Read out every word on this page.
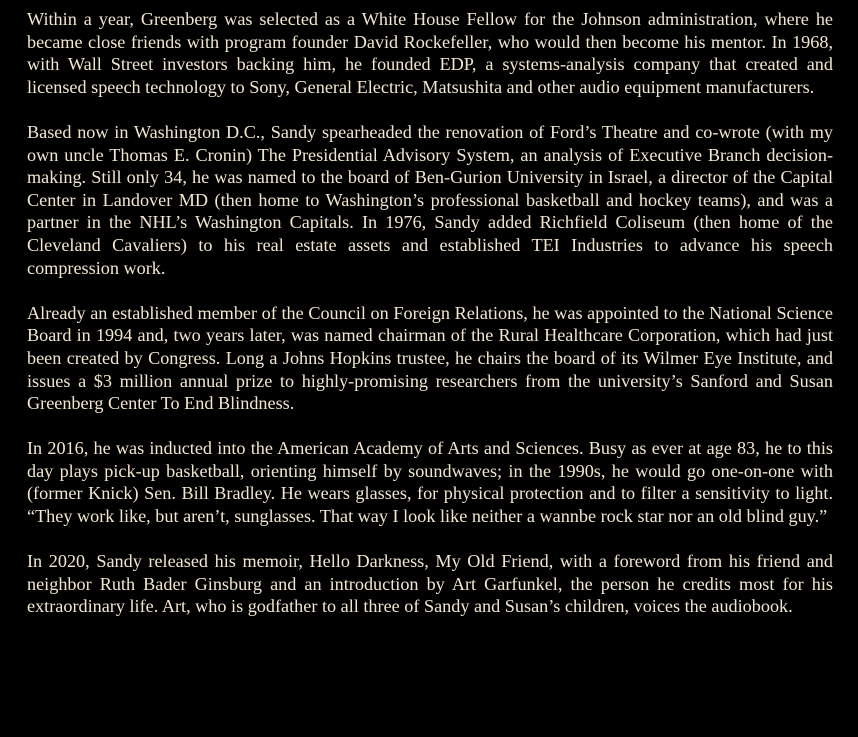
Within a year, Greenberg was selected as a White House Fellow for the Johnson administration, where he became close friends with program founder David Rockefeller, who would then become his mentor. In 1968, with Wall Street investors backing him, he founded EDP, a systems-analysis company that created and licensed speech technology to Sony, General Electric, Matsushita and other audio equipment manufacturers.

Based now in Washington D.C., Sandy spearheaded the renovation of Ford’s Theatre and co-wrote (with my own uncle Thomas E. Cronin) The Presidential Advisory System, an analysis of Executive Branch decision-making. Still only 34, he was named to the board of Ben-Gurion University in Israel, a director of the Capital Center in Landover MD (then home to Washington’s professional basketball and hockey teams), and was a partner in the NHL’s Washington Capitals. In 1976, Sandy added Richfield Coliseum (then home of the Cleveland Cavaliers) to his real estate assets and established TEI Industries to advance his speech compression work.

Already an established member of the Council on Foreign Relations, he was appointed to the National Science Board in 1994 and, two years later, was named chairman of the Rural Healthcare Corporation, which had just been created by Congress. Long a Johns Hopkins trustee, he chairs the board of its Wilmer Eye Institute, and issues a $3 million annual prize to highly-promising researchers from the university’s Sanford and Susan Greenberg Center To End Blindness.

In 2016, he was inducted into the American Academy of Arts and Sciences. Busy as ever at age 83, he to this day plays pick-up basketball, orienting himself by soundwaves; in the 1990s, he would go one-on-one with (former Knick) Sen. Bill Bradley. He wears glasses, for physical protection and to filter a sensitivity to light. “They work like, but aren’t, sunglasses. That way I look like neither a wannbe rock star nor an old blind guy.”

In 2020, Sandy released his memoir, Hello Darkness, My Old Friend, with a foreword from his friend and neighbor Ruth Bader Ginsburg and an introduction by Art Garfunkel, the person he credits most for his extraordinary life. Art, who is godfather to all three of Sandy and Susan’s children, voices the audiobook.
